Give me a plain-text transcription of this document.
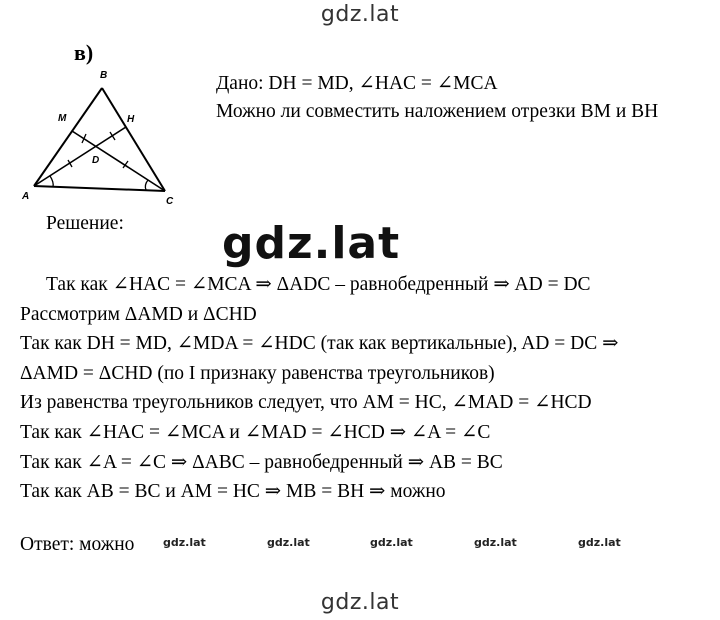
gdz.lat
в)
B
M	H
D
A	C
Дано: DH = MD, ∠HAC = ∠MCA
Можно ли совместить наложением отрезки BM и BH
Решение: gdz.lat
Так как ∠HAC = ∠MCA ⇒ ΔADC – равнобедренный ⇒ AD = DC
Рассмотрим ΔAMD и ΔCHD
Так как DH = MD, ∠MDA = ∠HDC (так как вертикальные), AD = DC ⇒
ΔAMD = ΔCHD (по I признаку равенства треугольников)
Из равенства треугольников следует, что AM = HC, ∠MAD = ∠HCD
Так как ∠HAC = ∠MCA и ∠MAD = ∠HCD ⇒ ∠A = ∠C
Так как ∠A = ∠C ⇒ ΔABC – равнобедренный ⇒ AB = BC
Так как AB = BC и AM = HC ⇒ MB = BH ⇒ можно
Ответ: можно	gdz.lat	gdz.lat	gdz.lat	gdz.lat	gdz.lat
gdz.lat
